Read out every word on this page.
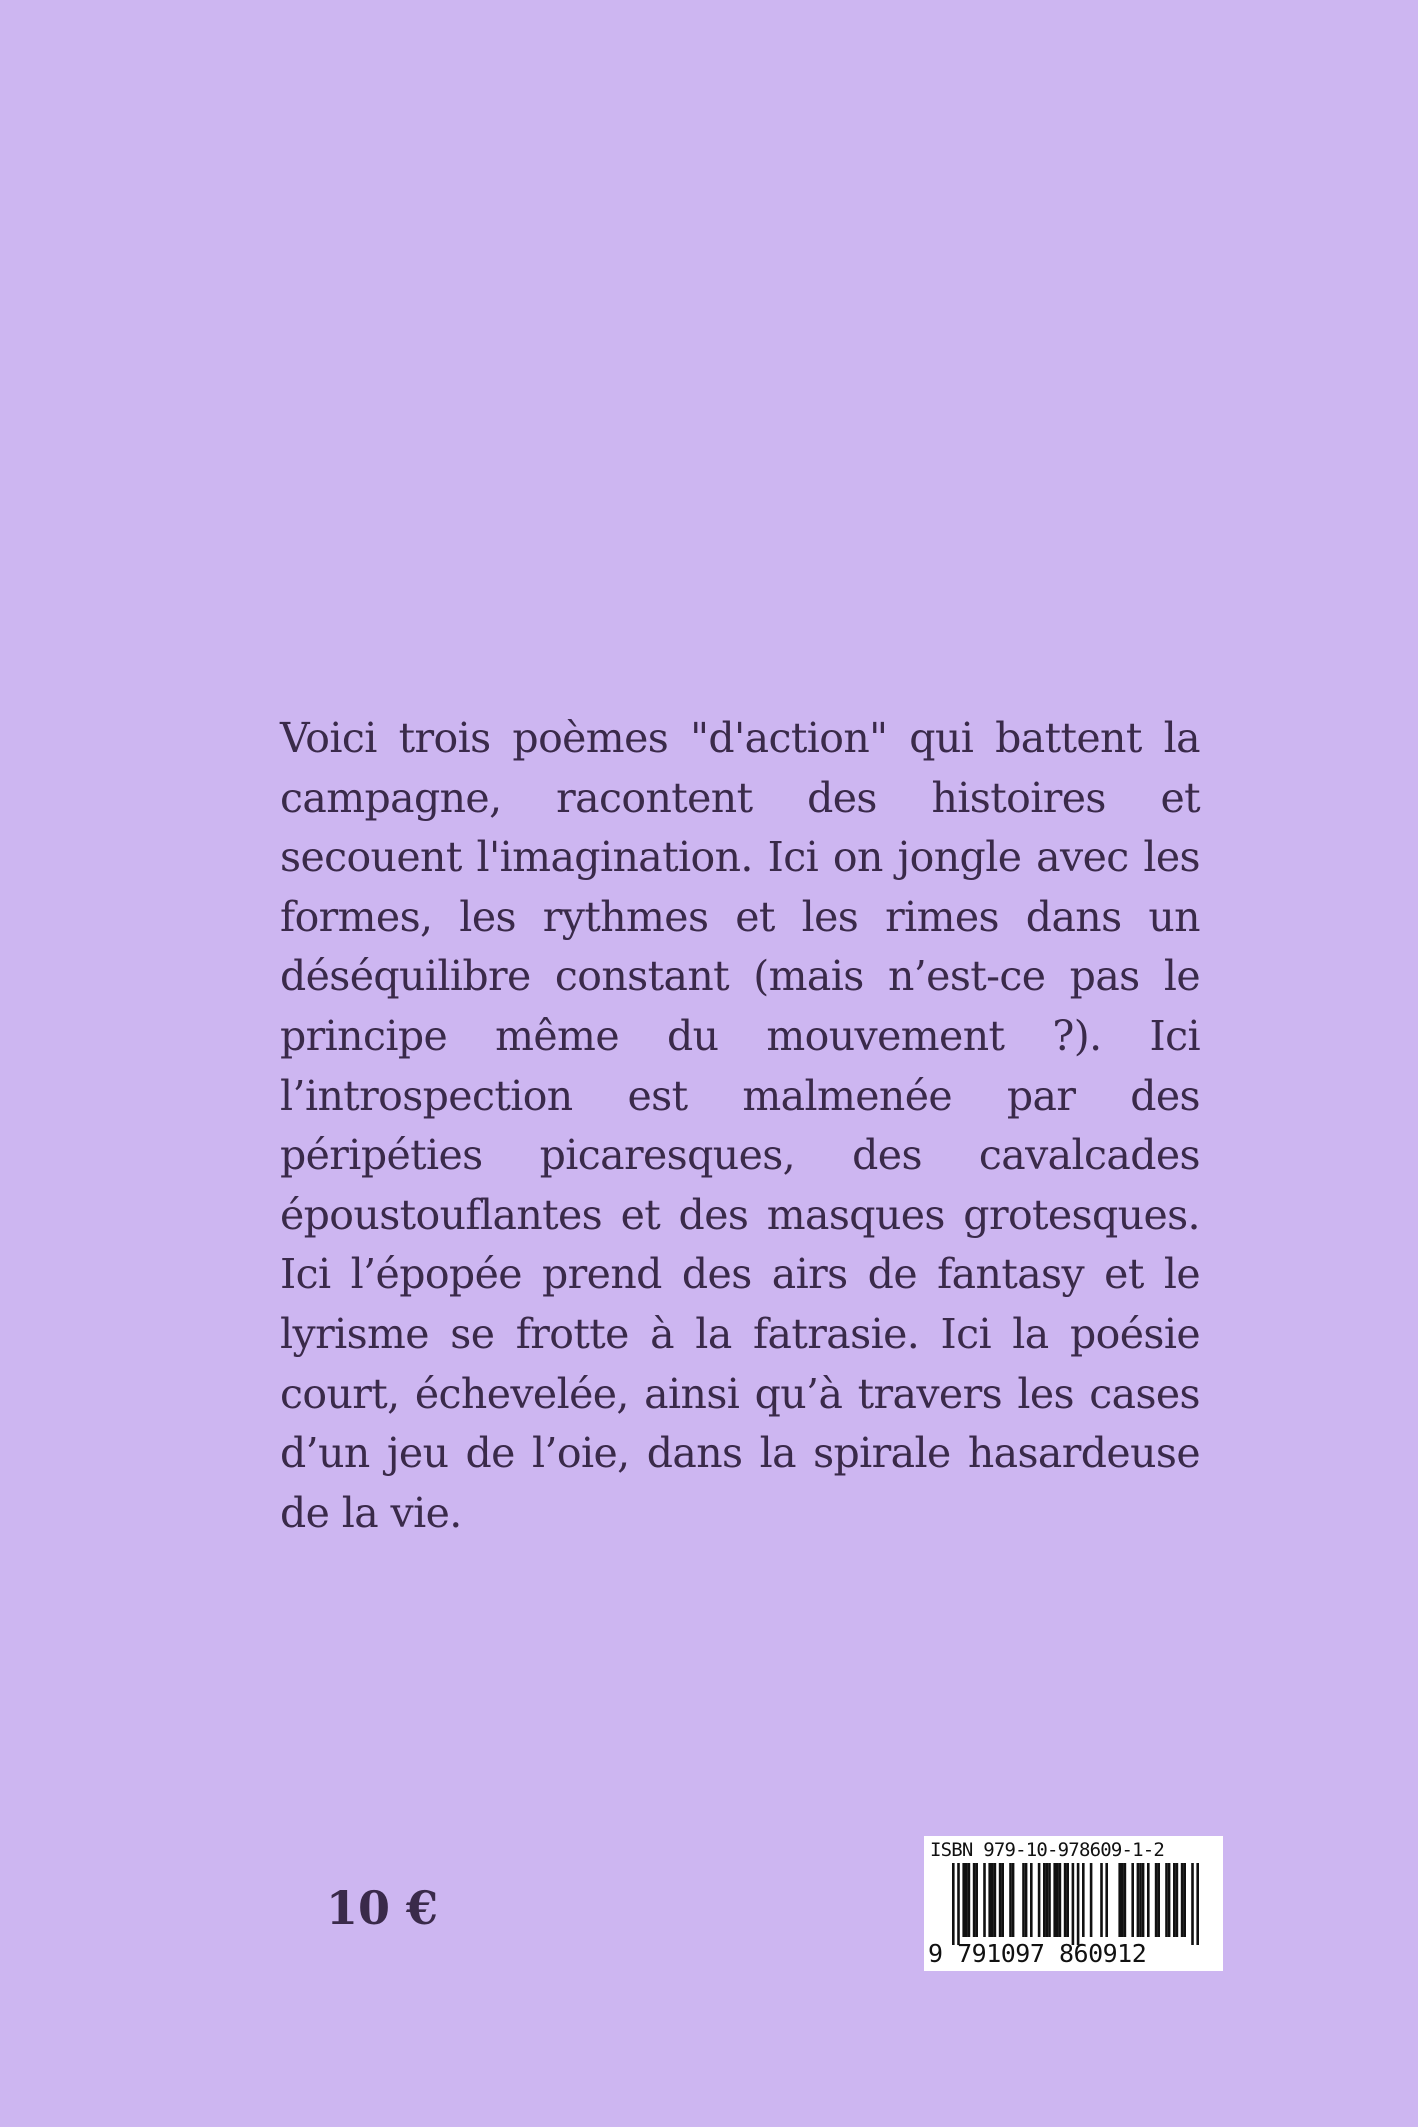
Voici trois poèmes "d'action" qui battent la campagne, racontent des histoires et secouent l'imagination. Ici on jongle avec les formes, les rythmes et les rimes dans un déséquilibre constant (mais n’est-ce pas le principe même du mouvement ?). Ici l’introspection est malmenée par des péripéties picaresques, des cavalcades époustouflantes et des masques grotesques. Ici l’épopée prend des airs de fantasy et le lyrisme se frotte à la fatrasie. Ici la poésie court, échevelée, ainsi qu’à travers les cases d’un jeu de l’oie, dans la spirale hasardeuse de la vie.

10 €
ISBN 979-10-978609-1-2
9 791097 860912
